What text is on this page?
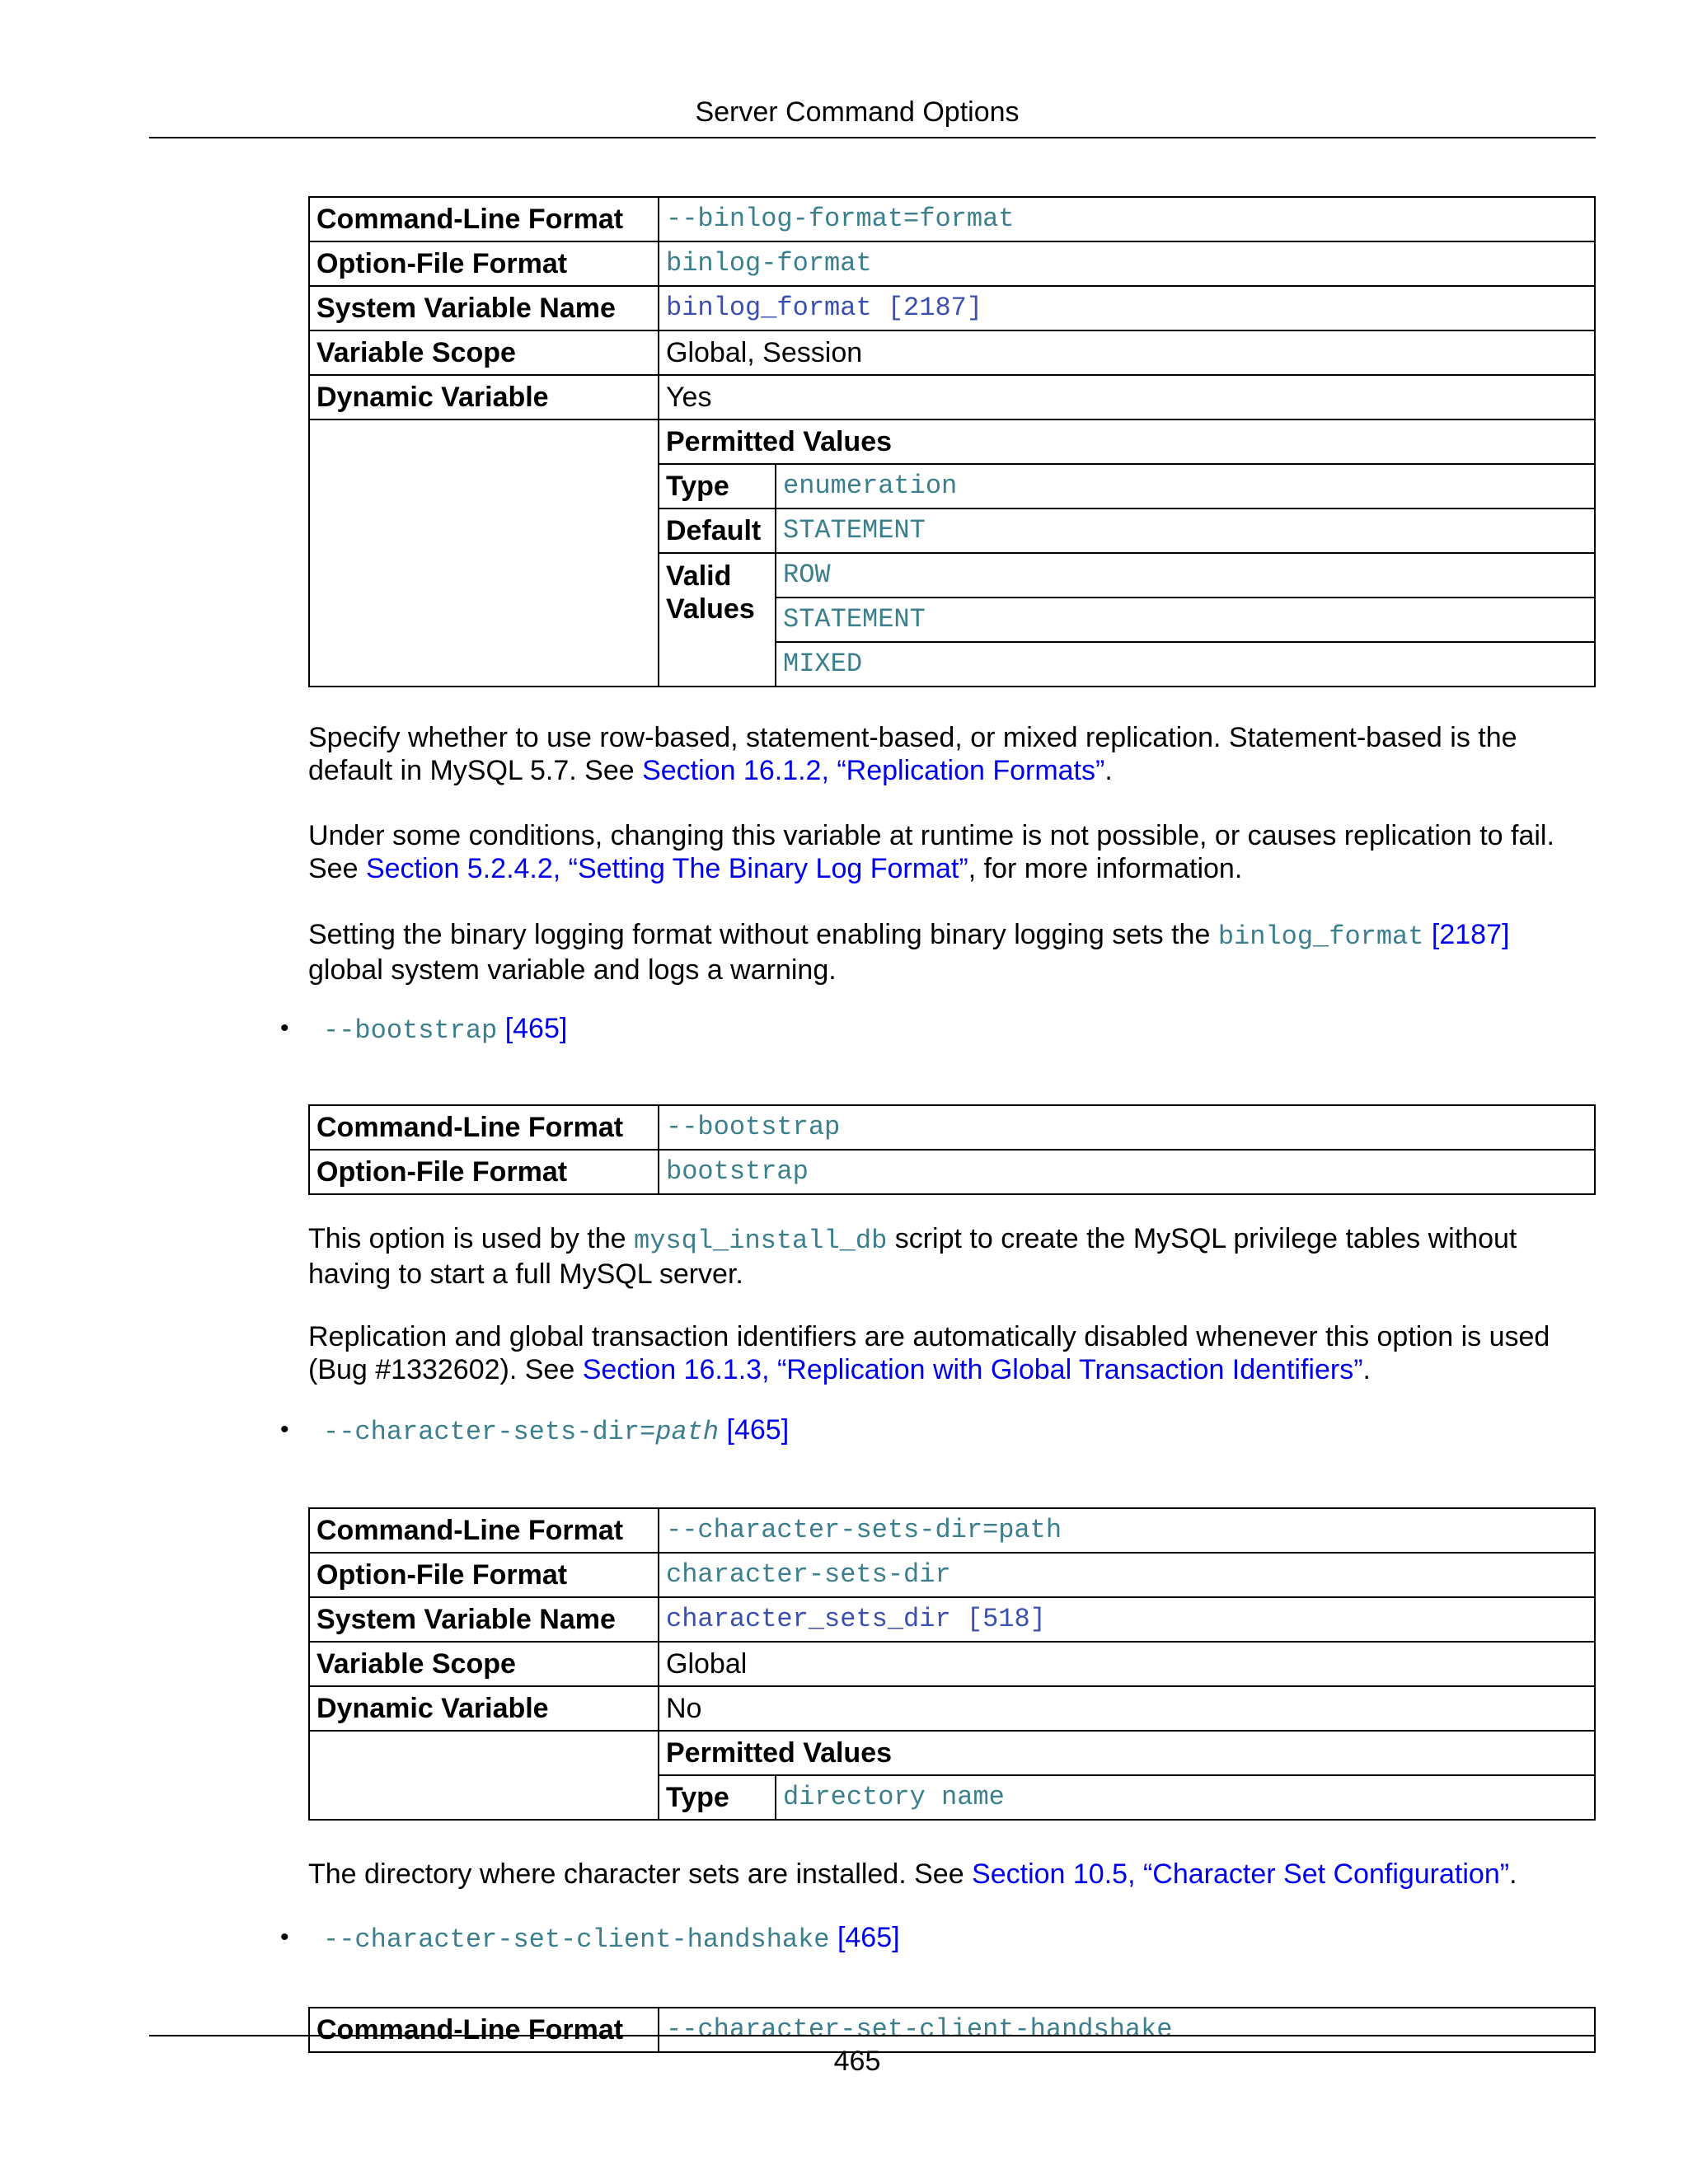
Server Command Options
Command-Line Format	--binlog-format=format	
Option-File Format	binlog-format	
System Variable Name	binlog_format [2187]	
Variable Scope	Global, Session	
Dynamic Variable	Yes	
	Permitted Values	
	Type	enumeration
	Default	STATEMENT
	Valid Values	ROW
		STATEMENT
		MIXED

Specify whether to use row-based, statement-based, or mixed replication. Statement-based is the default in MySQL 5.7. See Section 16.1.2, “Replication Formats”.

Under some conditions, changing this variable at runtime is not possible, or causes replication to fail. See Section 5.2.4.2, “Setting The Binary Log Format”, for more information.

Setting the binary logging format without enabling binary logging sets the binlog_format [2187]
global system variable and logs a warning.

• --bootstrap [465]
Command-Line Format	--bootstrap
Option-File Format	bootstrap

This option is used by the mysql_install_db script to create the MySQL privilege tables without having to start a full MySQL server.

Replication and global transaction identifiers are automatically disabled whenever this option is used (Bug #1332602). See Section 16.1.3, “Replication with Global Transaction Identifiers”.

• --character-sets-dir=path [465]
Command-Line Format	--character-sets-dir=path	
Option-File Format	character-sets-dir	
System Variable Name	character_sets_dir [518]	
Variable Scope	Global	
Dynamic Variable	No	
	Permitted Values	
	Type	directory name

The directory where character sets are installed. See Section 10.5, “Character Set Configuration”.

• --character-set-client-handshake [465]
Command-Line Format	--character-set-client-handshake
465
